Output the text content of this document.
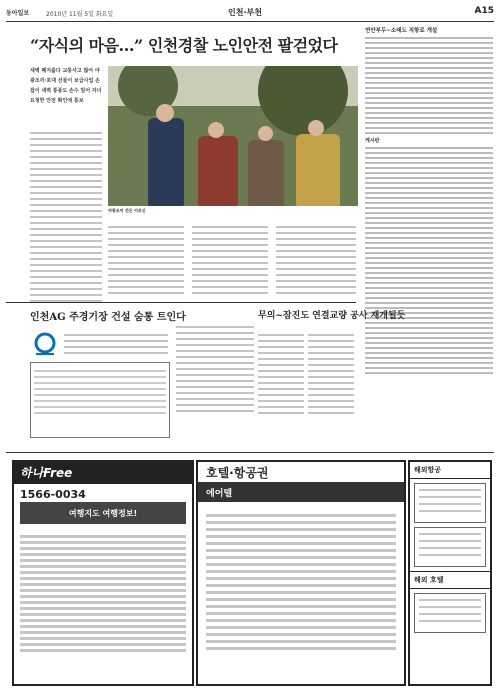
동아일보	2010년 11월 5일 화요일	인천·부천	A15
“자식의 마음…” 인천경찰 노인안전 팔걷었다
새벽 폐지줍다 교통사고 많아 야광조끼·포대 선물이 보급사업 손잡이 새벽 통풍도 손수 밀어 자녀 요청한 안전 확인에 통보
야광조끼 건든 어르신
연안부두~소래도 직항로 개설
게시판
인천AG 주경기장 건설 숨통 트인다	무의~잠진도 연결교량 공사 재개될듯
하나Free
1566-0034
여행지도 여행정보!
호텔·항공권
에어텔
해외항공
해외 호텔
